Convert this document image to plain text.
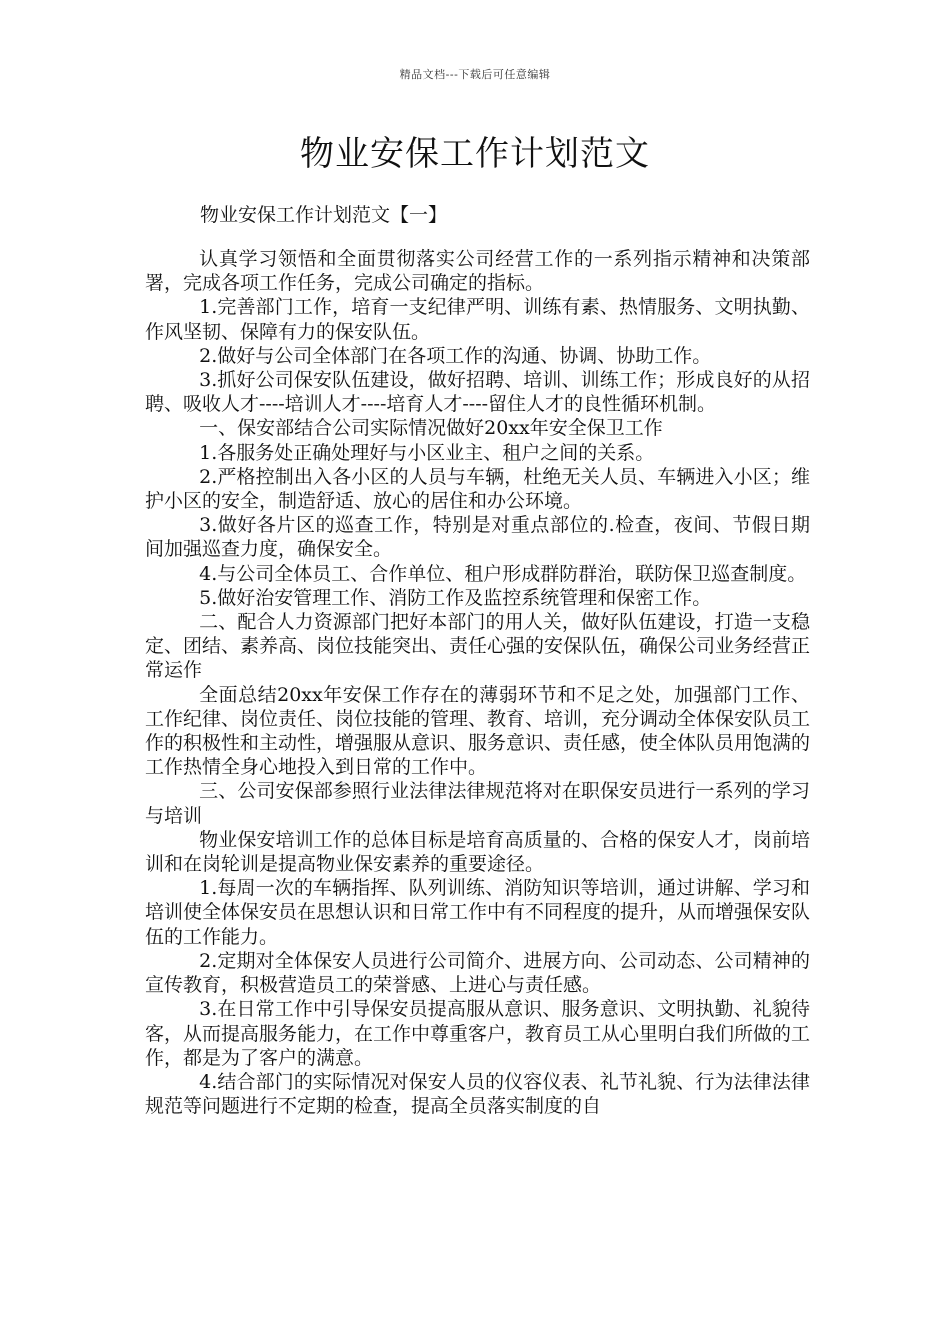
精品文档---下载后可任意编辑
物业安保工作计划范文

物业安保工作计划范文【一】

认真学习领悟和全面贯彻落实公司经营工作的一系列指示精神和决策部署，完成各项工作任务，完成公司确定的指标。

1.完善部门工作，培育一支纪律严明、训练有素、热情服务、文明执勤、作风坚韧、保障有力的保安队伍。

2.做好与公司全体部门在各项工作的沟通、协调、协助工作。

3.抓好公司保安队伍建设，做好招聘、培训、训练工作；形成良好的从招聘、吸收人才----培训人才----培育人才----留住人才的良性循环机制。

一、保安部结合公司实际情况做好20xx年安全保卫工作

1.各服务处正确处理好与小区业主、租户之间的关系。

2.严格控制出入各小区的人员与车辆，杜绝无关人员、车辆进入小区；维护小区的安全，制造舒适、放心的居住和办公环境。

3.做好各片区的巡查工作，特别是对重点部位的.检查，夜间、节假日期间加强巡查力度，确保安全。

4.与公司全体员工、合作单位、租户形成群防群治，联防保卫巡查制度。

5.做好治安管理工作、消防工作及监控系统管理和保密工作。

二、配合人力资源部门把好本部门的用人关，做好队伍建设，打造一支稳定、团结、素养高、岗位技能突出、责任心强的安保队伍，确保公司业务经营正常运作

全面总结20xx年安保工作存在的薄弱环节和不足之处，加强部门工作、工作纪律、岗位责任、岗位技能的管理、教育、培训，充分调动全体保安队员工作的积极性和主动性，增强服从意识、服务意识、责任感，使全体队员用饱满的工作热情全身心地投入到日常的工作中。

三、公司安保部参照行业法律法律规范将对在职保安员进行一系列的学习与培训

物业保安培训工作的总体目标是培育高质量的、合格的保安人才，岗前培训和在岗轮训是提高物业保安素养的重要途径。

1.每周一次的车辆指挥、队列训练、消防知识等培训，通过讲解、学习和培训使全体保安员在思想认识和日常工作中有不同程度的提升，从而增强保安队伍的工作能力。

2.定期对全体保安人员进行公司简介、进展方向、公司动态、公司精神的宣传教育，积极营造员工的荣誉感、上进心与责任感。

3.在日常工作中引导保安员提高服从意识、服务意识、文明执勤、礼貌待客，从而提高服务能力，在工作中尊重客户，教育员工从心里明白我们所做的工作，都是为了客户的满意。

4.结合部门的实际情况对保安人员的仪容仪表、礼节礼貌、行为法律法律规范等问题进行不定期的检查，提高全员落实制度的自
